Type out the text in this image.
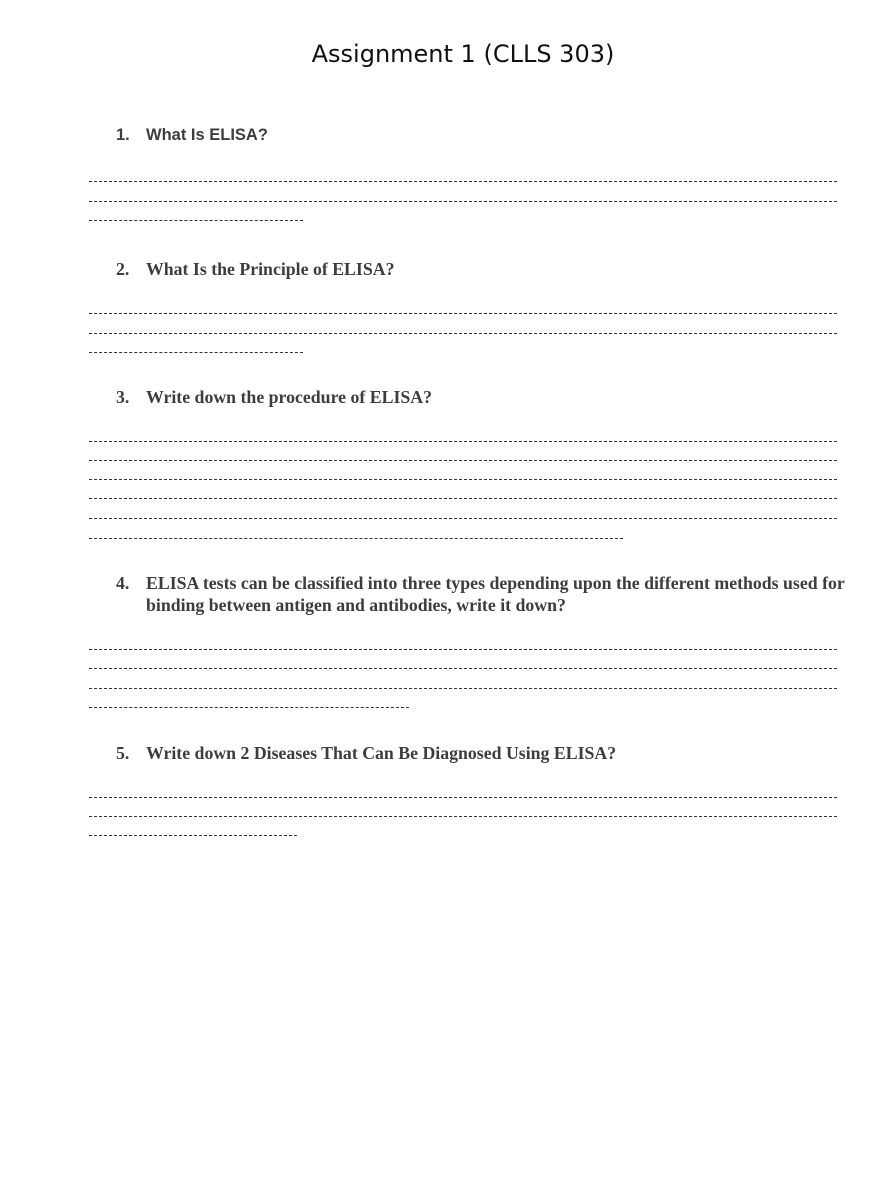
Assignment 1 (CLLS 303)
1. What Is ELISA?
2. What Is the Principle of ELISA?
3. Write down the procedure of ELISA?
4. ELISA tests can be classified into three types depending upon the different methods used for binding between antigen and antibodies, write it down?
5. Write down 2 Diseases That Can Be Diagnosed Using ELISA?
